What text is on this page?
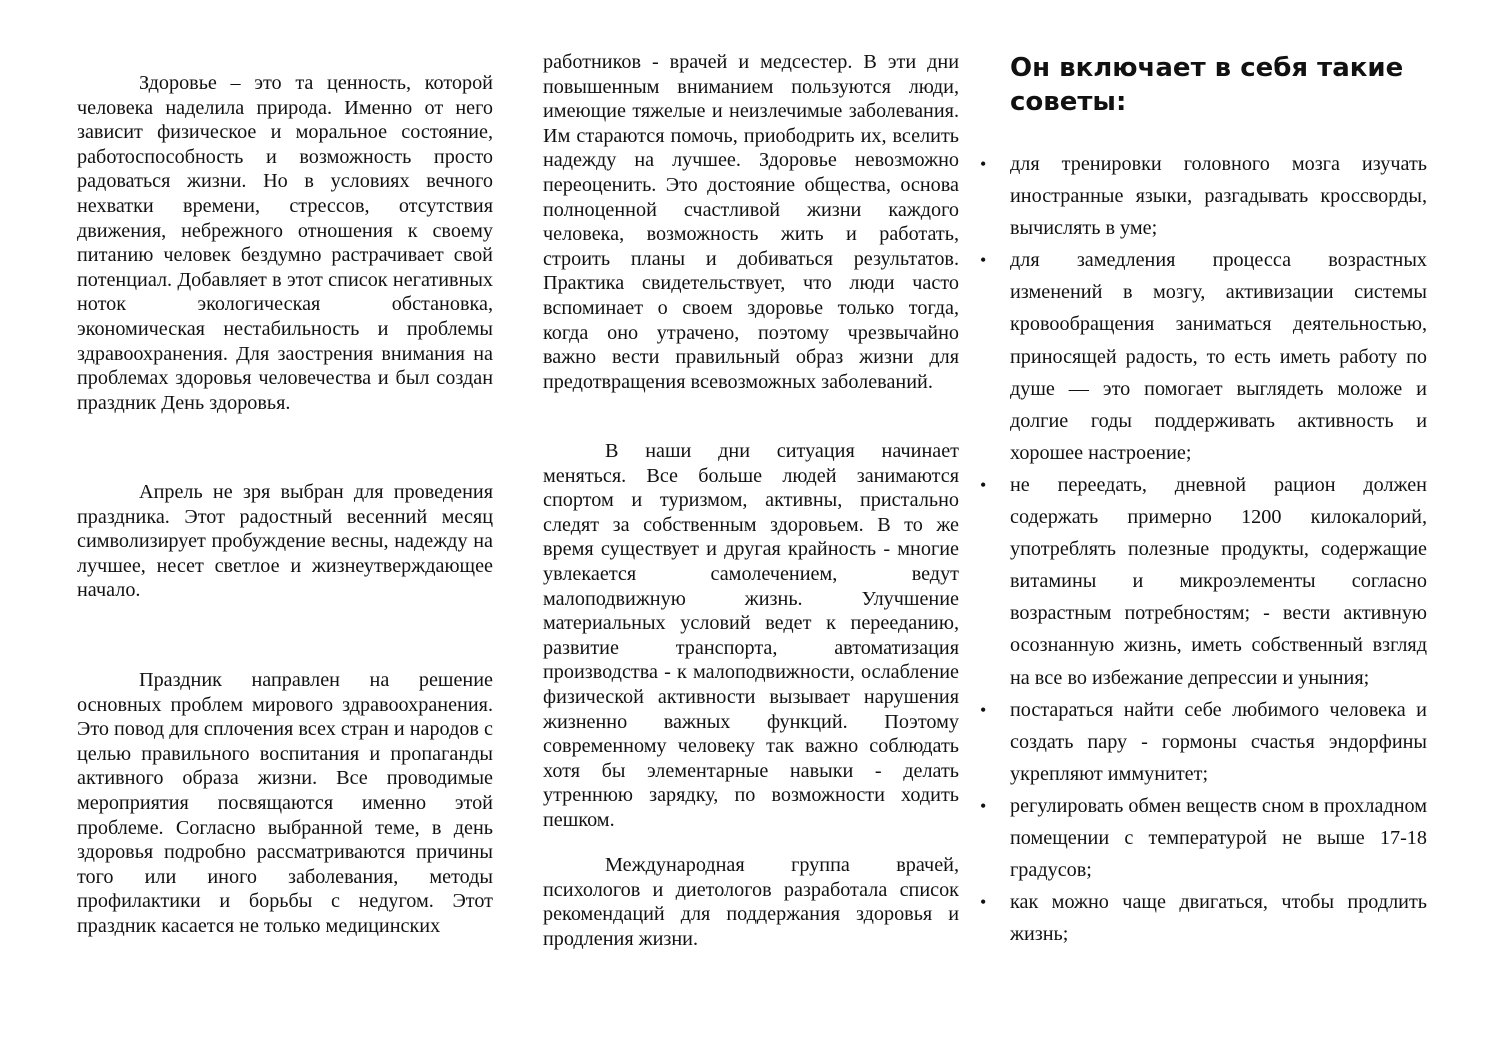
Здоровье – это та ценность, которой человека наделила природа. Именно от него зависит физическое и моральное состояние, работоспособность и возможность просто радоваться жизни. Но в условиях вечного нехватки времени, стрессов, отсутствия движения, небрежного отношения к своему питанию человек бездумно растрачивает свой потенциал. Добавляет в этот список негативных ноток экологическая обстановка, экономическая нестабильность и проблемы здравоохранения. Для заострения внимания на проблемах здоровья человечества и был создан праздник День здоровья.

Апрель не зря выбран для проведения праздника. Этот радостный весенний месяц символизирует пробуждение весны, надежду на лучшее, несет светлое и жизнеутверждающее начало.

Праздник направлен на решение основных проблем мирового здравоохранения. Это повод для сплочения всех стран и народов с целью правильного воспитания и пропаганды активного образа жизни. Все проводимые мероприятия посвящаются именно этой проблеме. Согласно выбранной теме, в день здоровья подробно рассматриваются причины того или иного заболевания, методы профилактики и борьбы с недугом. Этот праздник касается не только медицинских

работников - врачей и медсестер. В эти дни повышенным вниманием пользуются люди, имеющие тяжелые и неизлечимые заболевания. Им стараются помочь, приободрить их, вселить надежду на лучшее. Здоровье невозможно переоценить. Это достояние общества, основа полноценной счастливой жизни каждого человека, возможность жить и работать, строить планы и добиваться результатов. Практика свидетельствует, что люди часто вспоминает о своем здоровье только тогда, когда оно утрачено, поэтому чрезвычайно важно вести правильный образ жизни для предотвращения всевозможных заболеваний.

В наши дни ситуация начинает меняться. Все больше людей занимаются спортом и туризмом, активны, пристально следят за собственным здоровьем. В то же время существует и другая крайность - многие увлекается самолечением, ведут малоподвижную жизнь. Улучшение материальных условий ведет к перееданию, развитие транспорта, автоматизация производства - к малоподвижности, ослабление физической активности вызывает нарушения жизненно важных функций. Поэтому современному человеку так важно соблюдать хотя бы элементарные навыки - делать утреннюю зарядку, по возможности ходить пешком.

Международная группа врачей, психологов и диетологов разработала список рекомендаций для поддержания здоровья и продления жизни.

Он включает в себя такие советы:
• для тренировки головного мозга изучать иностранные языки, разгадывать кроссворды, вычислять в уме;
• для замедления процесса возрастных изменений в мозгу, активизации системы кровообращения заниматься деятельностью, приносящей радость, то есть иметь работу по душе — это помогает выглядеть моложе и долгие годы поддерживать активность и хорошее настроение;
• не переедать, дневной рацион должен содержать примерно 1200 килокалорий, употреблять полезные продукты, содержащие витамины и микроэлементы согласно возрастным потребностям; - вести активную осознанную жизнь, иметь собственный взгляд на все во избежание депрессии и уныния;
• постараться найти себе любимого человека и создать пару - гормоны счастья эндорфины укрепляют иммунитет;
• регулировать обмен веществ сном в прохладном помещении с температурой не выше 17-18 градусов;
• как можно чаще двигаться, чтобы продлить жизнь;
